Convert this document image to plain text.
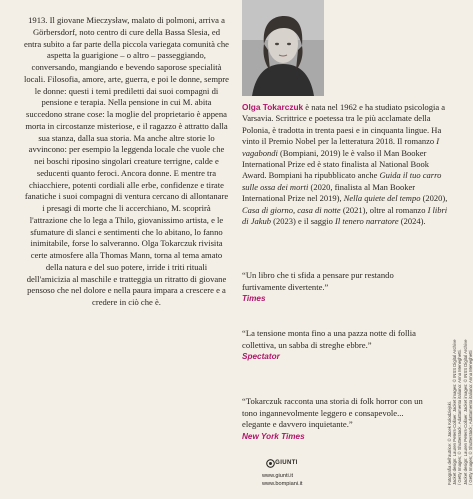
1913. Il giovane Mieczysław, malato di polmoni, arriva a Görbersdorf, noto centro di cure della Bassa Slesia, ed entra subito a far parte della piccola variegata comunità che aspetta la guarigione – o altro – passeggiando, conversando, mangiando e bevendo saporose specialità locali. Filosofia, amore, arte, guerra, e poi le donne, sempre le donne: questi i temi prediletti dai suoi compagni di pensione e terapia. Nella pensione in cui M. abita succedono strane cose: la moglie del proprietario è appena morta in circostanze misteriose, e il ragazzo è attratto dalla sua stanza, dalla sua storia. Ma anche altre storie lo avvincono: per esempio la leggenda locale che vuole che nei boschi riposino singolari creature terrigne, calde e seducenti quanto feroci. Ancora donne. E mentre tra chiacchiere, potenti cordiali alle erbe, confidenze e tirate fanatiche i suoi compagni di ventura cercano di allontanare i presagi di morte che li accerchiano, M. scoprirà l'attrazione che lo lega a Thilo, giovanissimo artista, e le sfumature di slanci e sentimenti che lo abitano, lo fanno inimitabile, forse lo salveranno. Olga Tokarczuk rivisita certe atmosfere alla Thomas Mann, torna al tema amato della natura e del suo potere, irride i triti rituali dell'amicizia al maschile e tratteggia un ritratto di giovane pensoso che nel dolore e nella paura impara a crescere e a credere in ciò che è.

Olga Tokarczuk è nata nel 1962 e ha studiato psicologia a Varsavia. Scrittrice e poetessa tra le più acclamate della Polonia, è tradotta in trenta paesi e in cinquanta lingue. Ha vinto il Premio Nobel per la letteratura 2018. Il romanzo I vagabondi (Bompiani, 2019) le è valso il Man Booker International Prize ed è stato finalista al National Book Award. Bompiani ha ripubblicato anche Guida il tuo carro sulle ossa dei morti (2020, finalista al Man Booker International Prize nel 2019), Nella quiete del tempo (2020), Casa di giorno, casa di notte (2021), oltre al romanzo I libri di Jakub (2023) e il saggio Il tenero narratore (2024).

“Un libro che ti sfida a pensare pur restando furtivamente divertente.”
Times

“La tensione monta fino a una pazza notte di follia collettiva, un sabba di streghe ebbre.”
Spectator

“Tokarczuk racconta una storia di folk horror con un tono ingannevolmente leggero e consapevole... elegante e davvero inquietante.”
New York Times

GIUNTI
www.giunti.it
www.bompiani.it	Fotografia dell'autrice: © Jacek Kolodziejski. Jacket design: Lauren Peters-Collaer. Jacket images: © INSS Digital Archive / Getty Images; © Shutterstock. Adattamento italiano: Anna Meneghetti. Jacket design: Lauren Peters-Collaer. Jacket images: © INSS Digital Archive / Getty Images; © Shutterstock; Adattamento italiano: Anna Meneghetti
